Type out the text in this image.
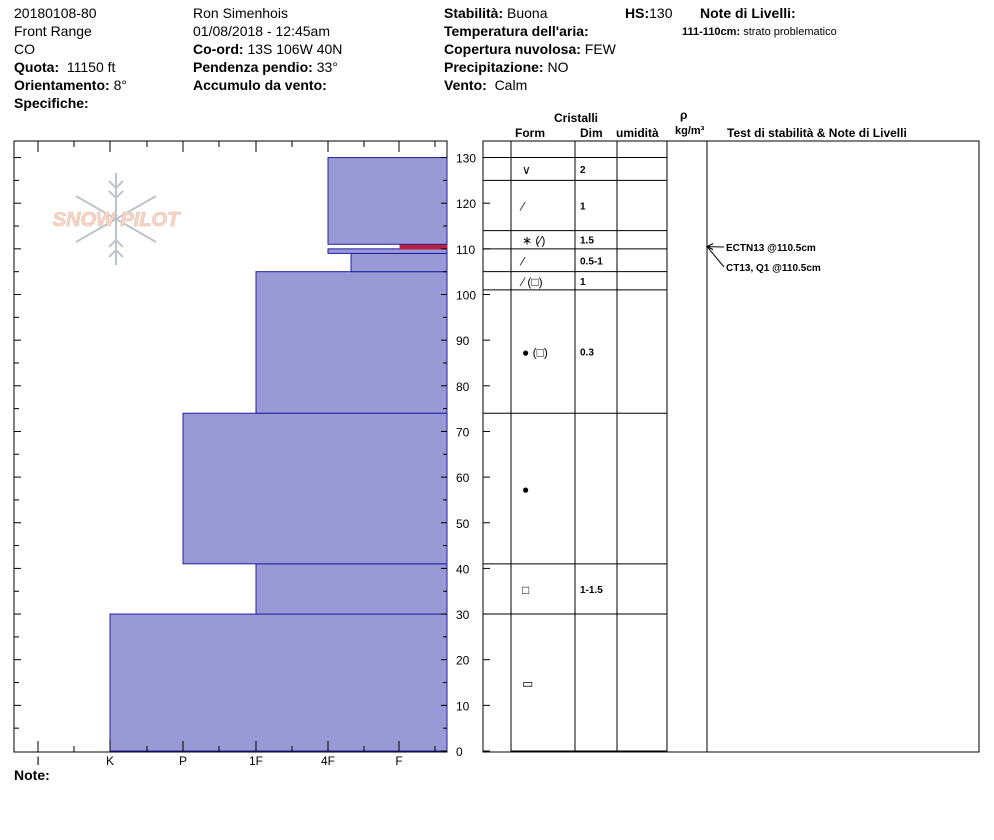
20180108-80
Front Range
CO
Quota: 11150 ft
Orientamento: 8°
Specifiche:
Ron Simenhois
01/08/2018 - 12:45am
Co-ord: 13S 106W 40N
Pendenza pendio: 33°
Accumulo da vento:
Stabilità: Buona
Temperatura dell'aria:
Copertura nuvolosa: FEW
Precipitazione: NO
Vento: Calm
HS:130 Note di Livelli:
111-110cm: strato problematico
Cristalli
Form	Dim umidità
ρ
kg/m³ Test di stabilità & Note di Livelli
Note:
SNOW PILOT
0
10
20
30
40
50
60
70
80
90
100
110
120
130
I	K	P	1F	4F	F
∨	2
⁄	1
∗ (⁄)	1.5
⁄	0.5-1
⁄ (□)	1
● (□)	0.3
●
□	1-1.5
▭
ECTN13 @110.5cm
CT13, Q1 @110.5cm
